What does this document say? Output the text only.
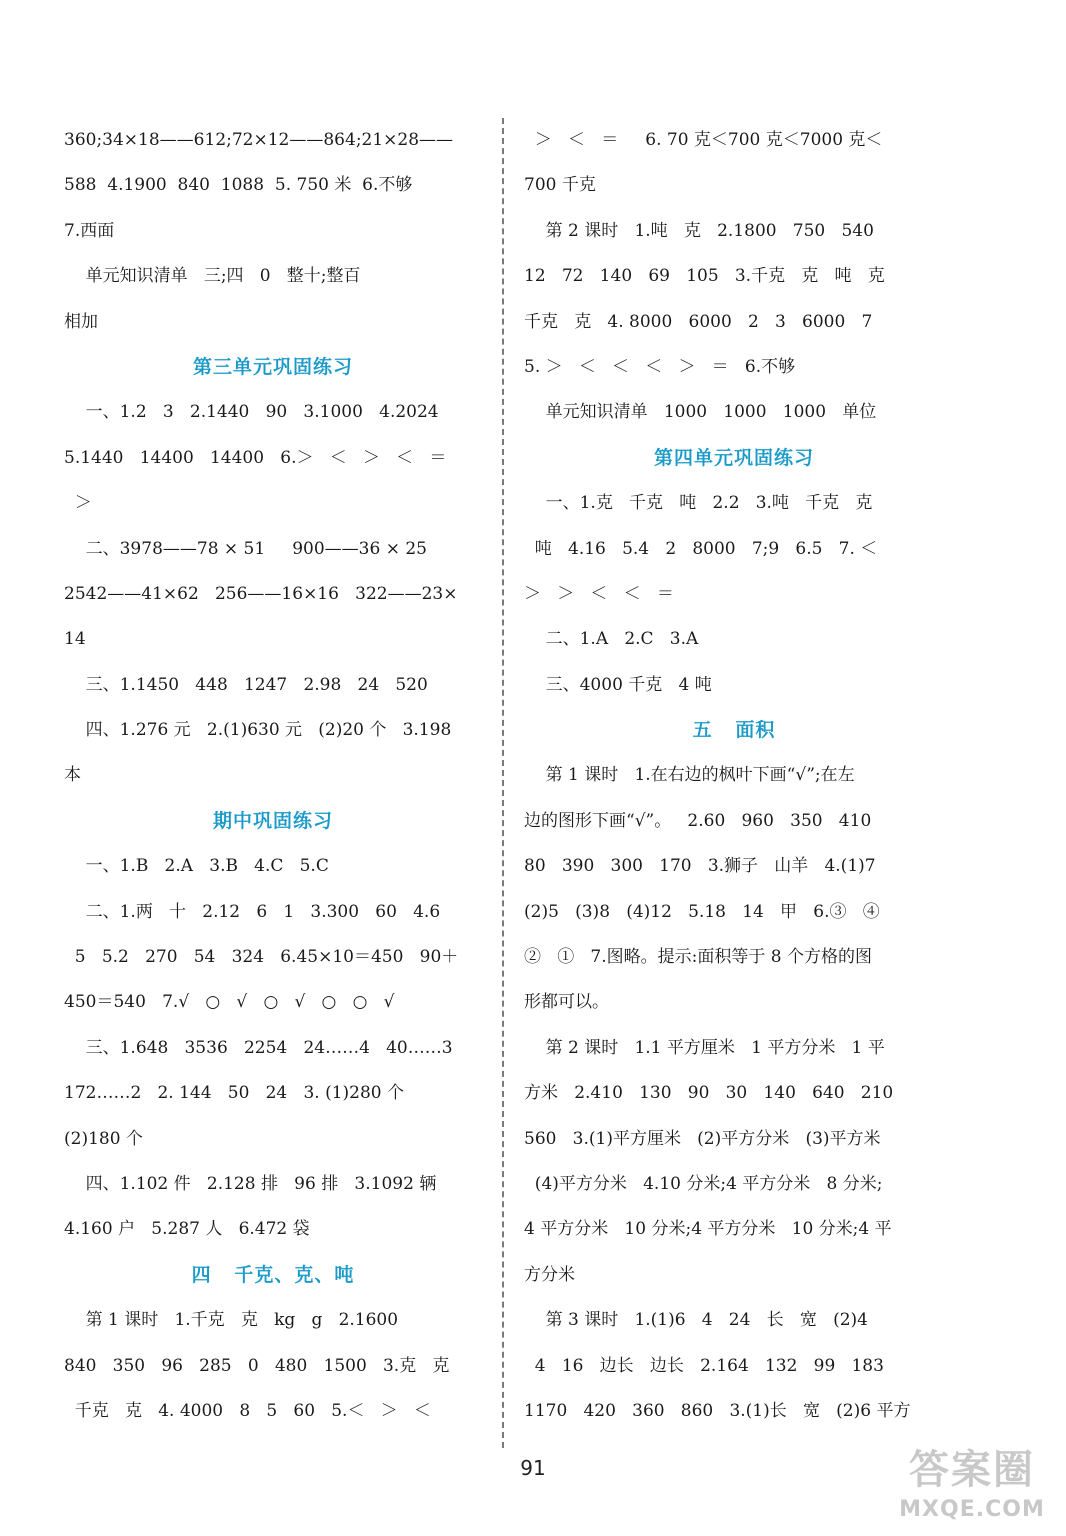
360;34×18——612;72×12——864;21×28——
588  4.1900  840  1088  5. 750 米  6.不够
7.西面
单元知识清单   三;四   0   整十;整百
相加
第三单元巩固练习
一、1.2   3   2.1440   90   3.1000   4.2024
5.1440   14400   14400   6.＞   ＜   ＞   ＜   ＝
＞
二、3978——78 × 51     900——36 × 25
2542——41×62   256——16×16   322——23×
14
三、1.1450   448   1247   2.98   24   520
四、1.276 元   2.(1)630 元   (2)20 个   3.198
本
期中巩固练习
一、1.B   2.A   3.B   4.C   5.C
二、1.两   十   2.12   6   1   3.300   60   4.6
5   5.2   270   54   324   6.45×10＝450   90＋
450＝540   7.√   ○   √   ○   √   ○   ○   √
三、1.648   3536   2254   24……4   40……3
172……2   2. 144   50   24   3. (1)280 个
(2)180 个
四、1.102 件   2.128 排   96 排   3.1092 辆
4.160 户   5.287 人   6.472 袋
四   千克、克、吨
第 1 课时   1.千克   克   kg   g   2.1600
840   350   96   285   0   480   1500   3.克   克
千克   克   4. 4000   8   5   60   5.＜   ＞   ＜
＞   ＜   ＝     6. 70 克＜700 克＜7000 克＜
700 千克
第 2 课时   1.吨   克   2.1800   750   540
12   72   140   69   105   3.千克   克   吨   克
千克   克   4. 8000   6000   2   3   6000   7
5. ＞   ＜   ＜   ＜   ＞   ＝   6.不够
单元知识清单   1000   1000   1000   单位
第四单元巩固练习
一、1.克   千克   吨   2.2   3.吨   千克   克
吨   4.16   5.4   2   8000   7;9   6.5   7. ＜
＞   ＞   ＜   ＜   ＝
二、1.A   2.C   3.A
三、4000 千克   4 吨
五   面积
第 1 课时   1.在右边的枫叶下画“√”;在左
边的图形下画“√”。   2.60   960   350   410
80   390   300   170   3.狮子   山羊   4.(1)7
(2)5   (3)8   (4)12   5.18   14   甲   6.③   ④
②   ①   7.图略。提示:面积等于 8 个方格的图
形都可以。
第 2 课时   1.1 平方厘米   1 平方分米   1 平
方米   2.410   130   90   30   140   640   210
560   3.(1)平方厘米   (2)平方分米   (3)平方米
(4)平方分米   4.10 分米;4 平方分米   8 分米;
4 平方分米   10 分米;4 平方分米   10 分米;4 平
方分米
第 3 课时   1.(1)6   4   24   长   宽   (2)4
4   16   边长   边长   2.164   132   99   183
1170   420   360   860   3.(1)长   宽   (2)6 平方
91	答案圈
MXQE.COM
